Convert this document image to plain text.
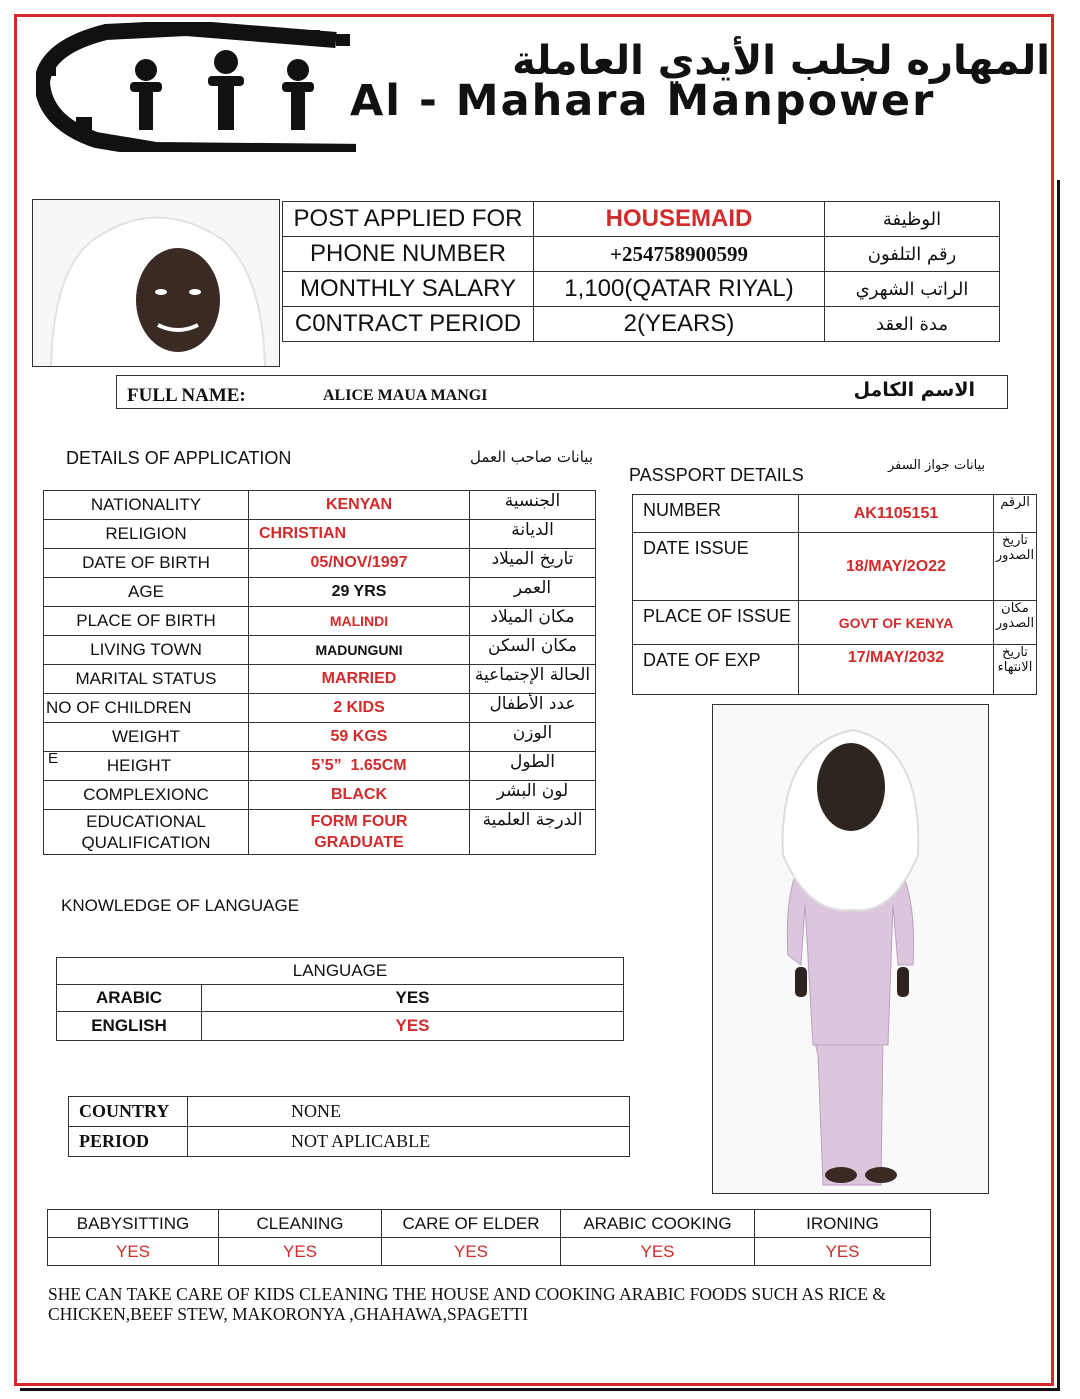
المهاره لجلب الأيدي العاملة
Al - Mahara Manpower
POST APPLIED FOR	HOUSEMAID	الوظيفة
PHONE NUMBER	+254758900599	رقم التلفون
MONTHLY SALARY	1,100(QATAR RIYAL)	الراتب الشهري
C0NTRACT PERIOD	2(YEARS)	مدة العقد
FULL NAME:	ALICE MAUA MANGI	الاسم الكامل
DETAILS OF APPLICATION	بيانات صاحب العمل
NATIONALITY	KENYAN	الجنسية
RELIGION	CHRISTIAN	الديانة
DATE OF BIRTH	05/NOV/1997	تاريخ الميلاد
AGE	29 YRS	العمر
PLACE OF BIRTH	MALINDI	مكان الميلاد
LIVING TOWN	MADUNGUNI	مكان السكن
MARITAL STATUS	MARRIED	الحالة الإجتماعية
NO OF CHILDREN	2 KIDS	عدد الأطفال
WEIGHT	59 KGS	الوزن
HEIGHT	5’5”  1.65CM	الطول
COMPLEXIONC	BLACK	لون البشر
EDUCATIONAL QUALIFICATION	FORM FOUR GRADUATE	الدرجة العلمية
E
PASSPORT DETAILS	بيانات جواز السفر
NUMBER	AK1105151	الرقم
DATE ISSUE	18/MAY/2O22	تاريخ الصدور
PLACE OF ISSUE	GOVT OF KENYA	مكان الصدور
DATE OF EXP	17/MAY/2032	تاريخ الانتهاء
KNOWLEDGE OF LANGUAGE
LANGUAGE	
ARABIC	YES
ENGLISH	YES
COUNTRY	NONE
PERIOD	NOT APLICABLE
BABYSITTING	CLEANING	CARE OF ELDER	ARABIC COOKING	IRONING
YES	YES	YES	YES	YES
SHE CAN TAKE CARE OF KIDS CLEANING THE HOUSE AND COOKING ARABIC FOODS SUCH AS RICE & CHICKEN,BEEF STEW, MAKORONYA ,GHAHAWA,SPAGETTI
